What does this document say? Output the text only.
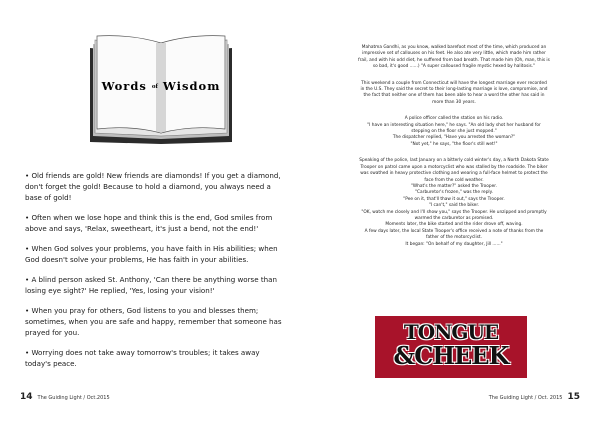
Words of Wisdom

• Old friends are gold! New friends are diamonds! If you get a diamond, don't forget the gold! Because to hold a diamond, you always need a base of gold!

• Often when we lose hope and think this is the end, God smiles from above and says, 'Relax, sweetheart, it's just a bend, not the end!'

• When God solves your problems, you have faith in His abilities; when God doesn't solve your problems, He has faith in your abilities.

• A blind person asked St. Anthony, 'Can there be anything worse than losing eye sight?' He replied, 'Yes, losing your vision!'

• When you pray for others, God listens to you and blesses them; sometimes, when you are safe and happy, remember that someone has prayed for you.

• Worrying does not take away tomorrow's troubles; it takes away today's peace.

14 The Guiding Light / Oct.2015
Mahatma Gandhi, as you know, walked barefoot most of the time, which produced an
impressive set of callouses on his feet. He also ate very little, which made him rather
frail, and with his odd diet, he suffered from bad breath. That made him (Oh, man, this is
so bad, it's good ......) "A super calloused fragile mystic hexed by halitosis."
This weekend a couple from Connecticut will have the longest marriage ever recorded
in the U.S. They said the secret to their long-lasting marriage is love, compromise, and
the fact that neither one of them has been able to hear a word the other has said in
more than 30 years.
A police officer called the station on his radio.
"I have an interesting situation here," he says. "An old lady shot her husband for
stepping on the floor she just mopped."
The dispatcher replied, "Have you arrested the woman?"
"Not yet," he says, "the floor's still wet!"
Speaking of the police, last January on a bitterly cold winter's day, a North Dakota State
Trooper on patrol came upon a motorcyclist who was stalled by the roadside. The biker
was swathed in heavy protective clothing and wearing a full-face helmet to protect the
face from the cold weather.
"What's the matter?" asked the Trooper.
"Carburetor's frozen," was the reply.
"Pee on it, that'll thaw it out," says the Trooper.
"I can't," said the biker.
"OK, watch me closely and I'll show you," says the Trooper. He unzipped and promptly
warmed the carburetor as promised.
Moments later, the bike started and the rider drove off, waving.
A few days later, the local State Trooper's office received a note of thanks from the
father of the motorcyclist.
It began: "On behalf of my daughter, Jill ......"
TONGUE
&CHEEK
The Guiding Light / Oct. 2015 15
